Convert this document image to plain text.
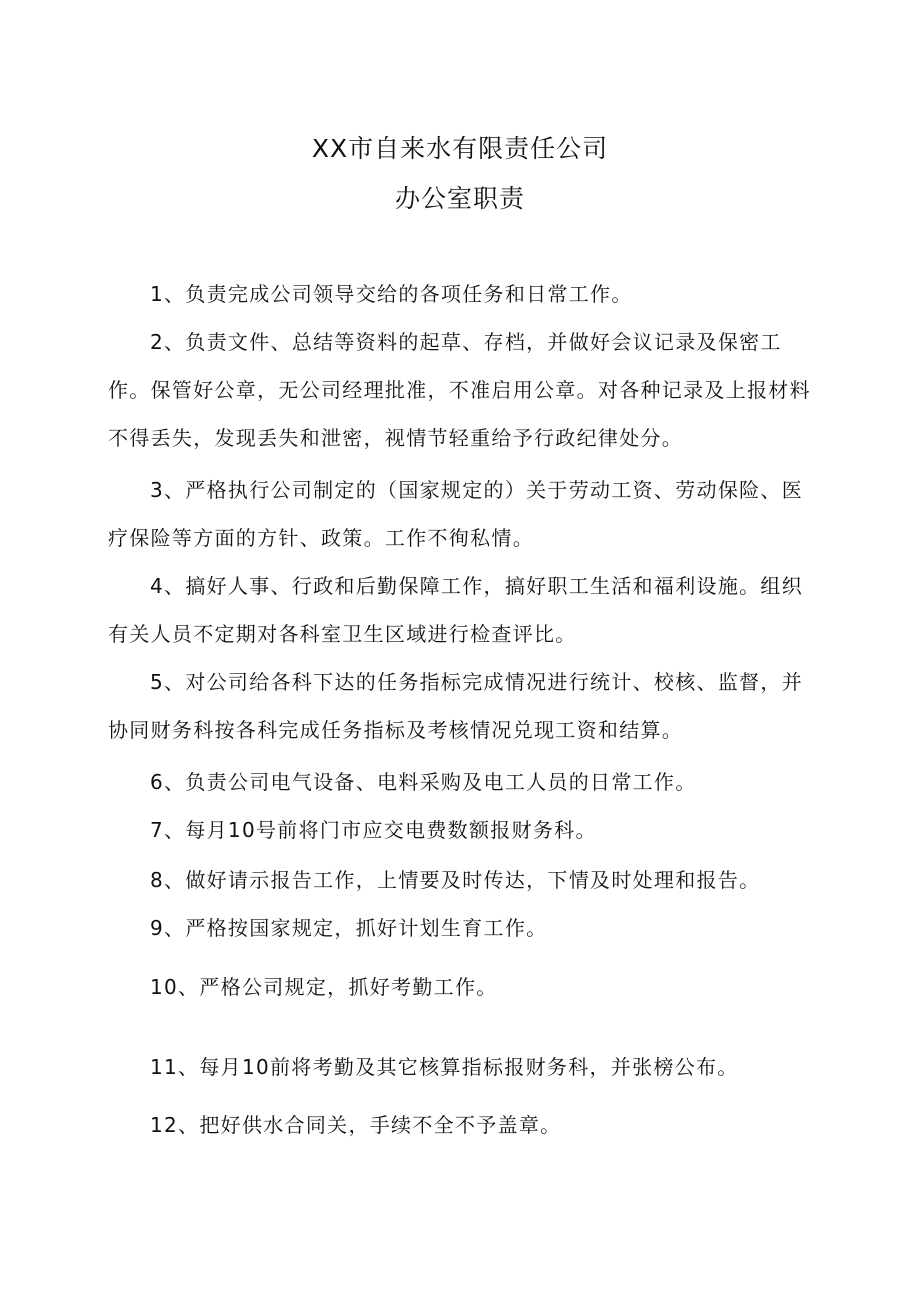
XX市自来水有限责任公司
办公室职责

1、负责完成公司领导交给的各项任务和日常工作。

2、负责文件、总结等资料的起草、存档，并做好会议记录及保密工作。保管好公章，无公司经理批准，不准启用公章。对各种记录及上报材料不得丢失，发现丢失和泄密，视情节轻重给予行政纪律处分。

3、严格执行公司制定的（国家规定的）关于劳动工资、劳动保险、医疗保险等方面的方针、政策。工作不徇私情。

4、搞好人事、行政和后勤保障工作，搞好职工生活和福利设施。组织有关人员不定期对各科室卫生区域进行检查评比。

5、对公司给各科下达的任务指标完成情况进行统计、校核、监督，并协同财务科按各科完成任务指标及考核情况兑现工资和结算。

6、负责公司电气设备、电料采购及电工人员的日常工作。

7、每月10号前将门市应交电费数额报财务科。

8、做好请示报告工作，上情要及时传达，下情及时处理和报告。

9、严格按国家规定，抓好计划生育工作。

10、严格公司规定，抓好考勤工作。

11、每月10前将考勤及其它核算指标报财务科，并张榜公布。

12、把好供水合同关，手续不全不予盖章。
